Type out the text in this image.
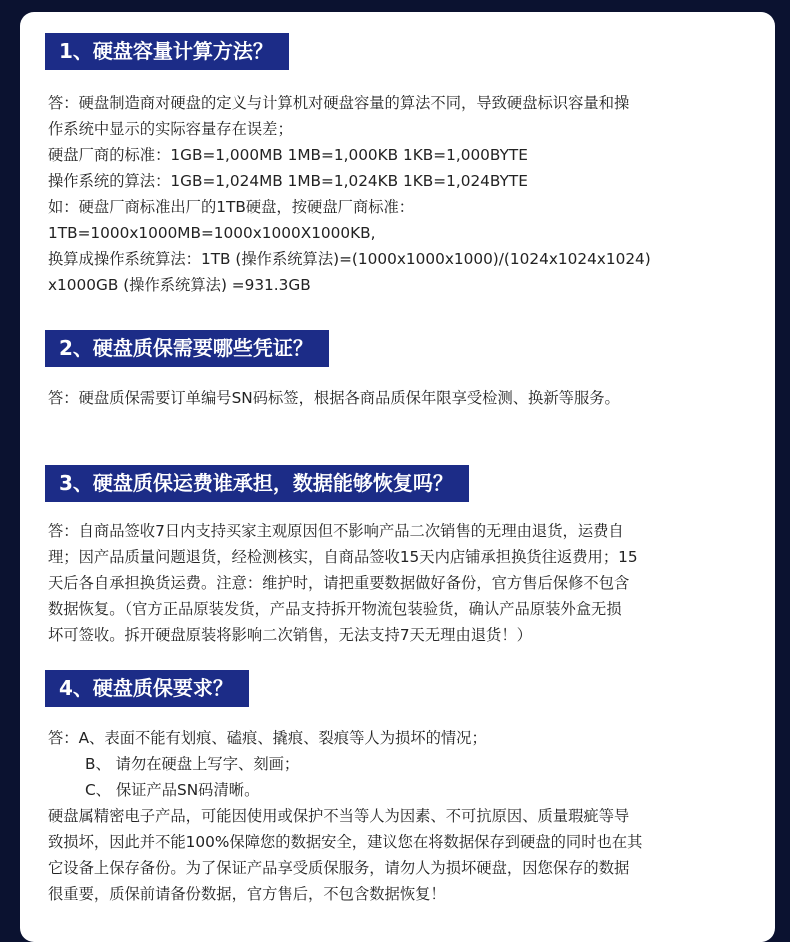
1、硬盘容量计算方法？
答：硬盘制造商对硬盘的定义与计算机对硬盘容量的算法不同，导致硬盘标识容量和操
作系统中显示的实际容量存在误差；
硬盘厂商的标准：1GB=1,000MB 1MB=1,000KB 1KB=1,000BYTE
操作系统的算法：1GB=1,024MB 1MB=1,024KB 1KB=1,024BYTE
如：硬盘厂商标准出厂的1TB硬盘，按硬盘厂商标准：
1TB=1000x1000MB=1000x1000X1000KB,
换算成操作系统算法：1TB (操作系统算法)=(1000x1000x1000)/(1024x1024x1024)
x1000GB (操作系统算法) =931.3GB
2、硬盘质保需要哪些凭证？
答：硬盘质保需要订单编号SN码标签，根据各商品质保年限享受检测、换新等服务。
3、硬盘质保运费谁承担，数据能够恢复吗？
答：自商品签收7日内支持买家主观原因但不影响产品二次销售的无理由退货，运费自
理；因产品质量问题退货，经检测核实，自商品签收15天内店铺承担换货往返费用；15
天后各自承担换货运费。注意：维护时，请把重要数据做好备份，官方售后保修不包含
数据恢复。（官方正品原装发货，产品支持拆开物流包装验货，确认产品原装外盒无损
坏可签收。拆开硬盘原装将影响二次销售，无法支持7天无理由退货！）
4、硬盘质保要求？
答：A、表面不能有划痕、磕痕、撬痕、裂痕等人为损坏的情况；
B、 请勿在硬盘上写字、刻画；
C、 保证产品SN码清晰。
硬盘属精密电子产品，可能因使用或保护不当等人为因素、不可抗原因、质量瑕疵等导
致损坏，因此并不能100%保障您的数据安全，建议您在将数据保存到硬盘的同时也在其
它设备上保存备份。为了保证产品享受质保服务，请勿人为损坏硬盘，因您保存的数据
很重要，质保前请备份数据，官方售后，不包含数据恢复！
